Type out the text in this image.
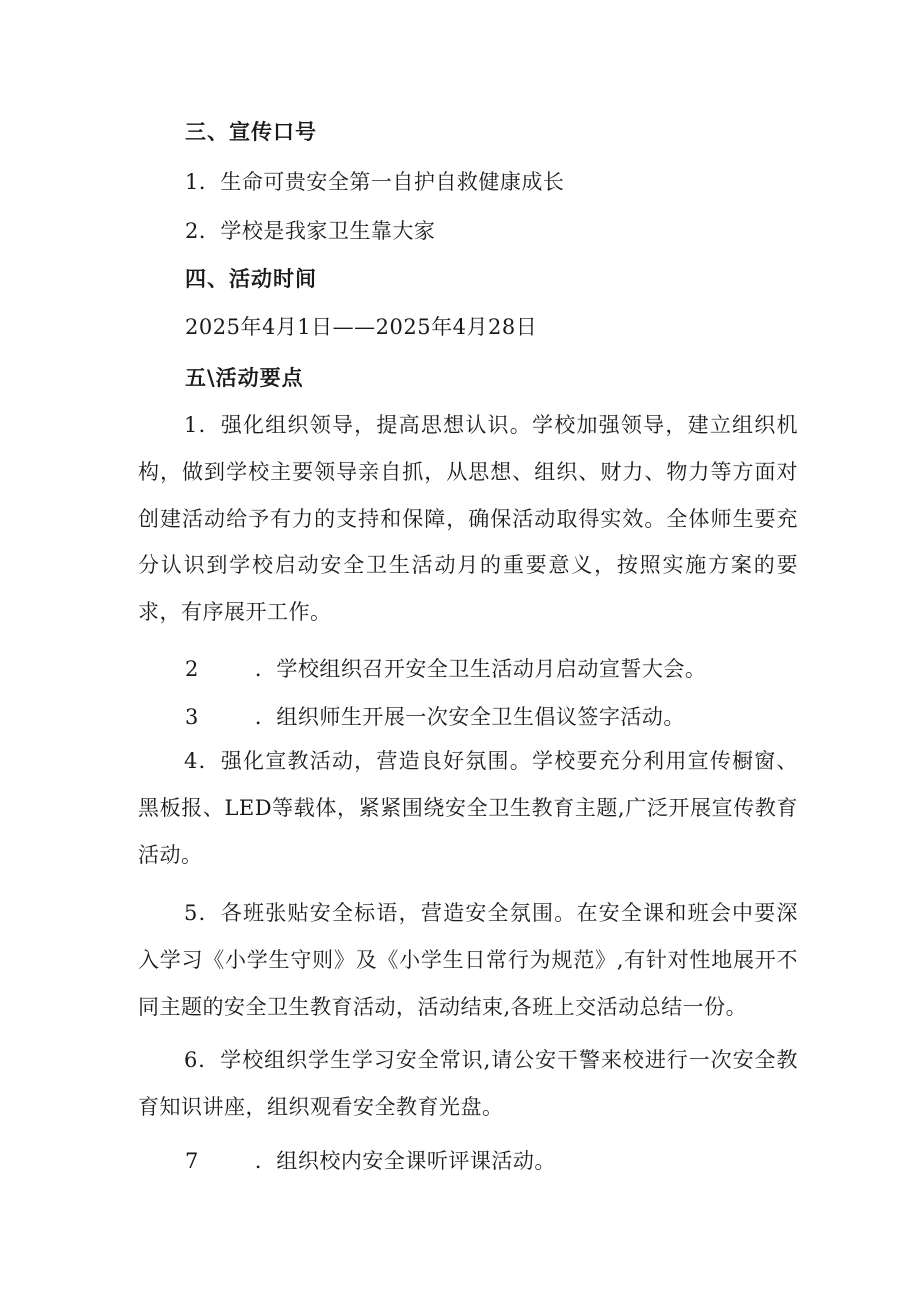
三、宣传口号
1．生命可贵安全第一自护自救健康成长
2．学校是我家卫生靠大家
四、活动时间
2025年4月1日——2025年4月28日
五\活动要点
1．强化组织领导，提高思想认识。学校加强领导，建立组织机构，做到学校主要领导亲自抓，从思想、组织、财力、物力等方面对创建活动给予有力的支持和保障，确保活动取得实效。全体师生要充分认识到学校启动安全卫生活动月的重要意义，按照实施方案的要求，有序展开工作。
2	．学校组织召开安全卫生活动月启动宣誓大会。
3	．组织师生开展一次安全卫生倡议签字活动。
4．强化宣教活动，营造良好氛围。学校要充分利用宣传橱窗、黑板报、LED等载体，紧紧围绕安全卫生教育主题,广泛开展宣传教育活动。
5．各班张贴安全标语，营造安全氛围。在安全课和班会中要深入学习《小学生守则》及《小学生日常行为规范》,有针对性地展开不同主题的安全卫生教育活动，活动结束,各班上交活动总结一份。
6．学校组织学生学习安全常识,请公安干警来校进行一次安全教育知识讲座，组织观看安全教育光盘。
7	．组织校内安全课听评课活动。
